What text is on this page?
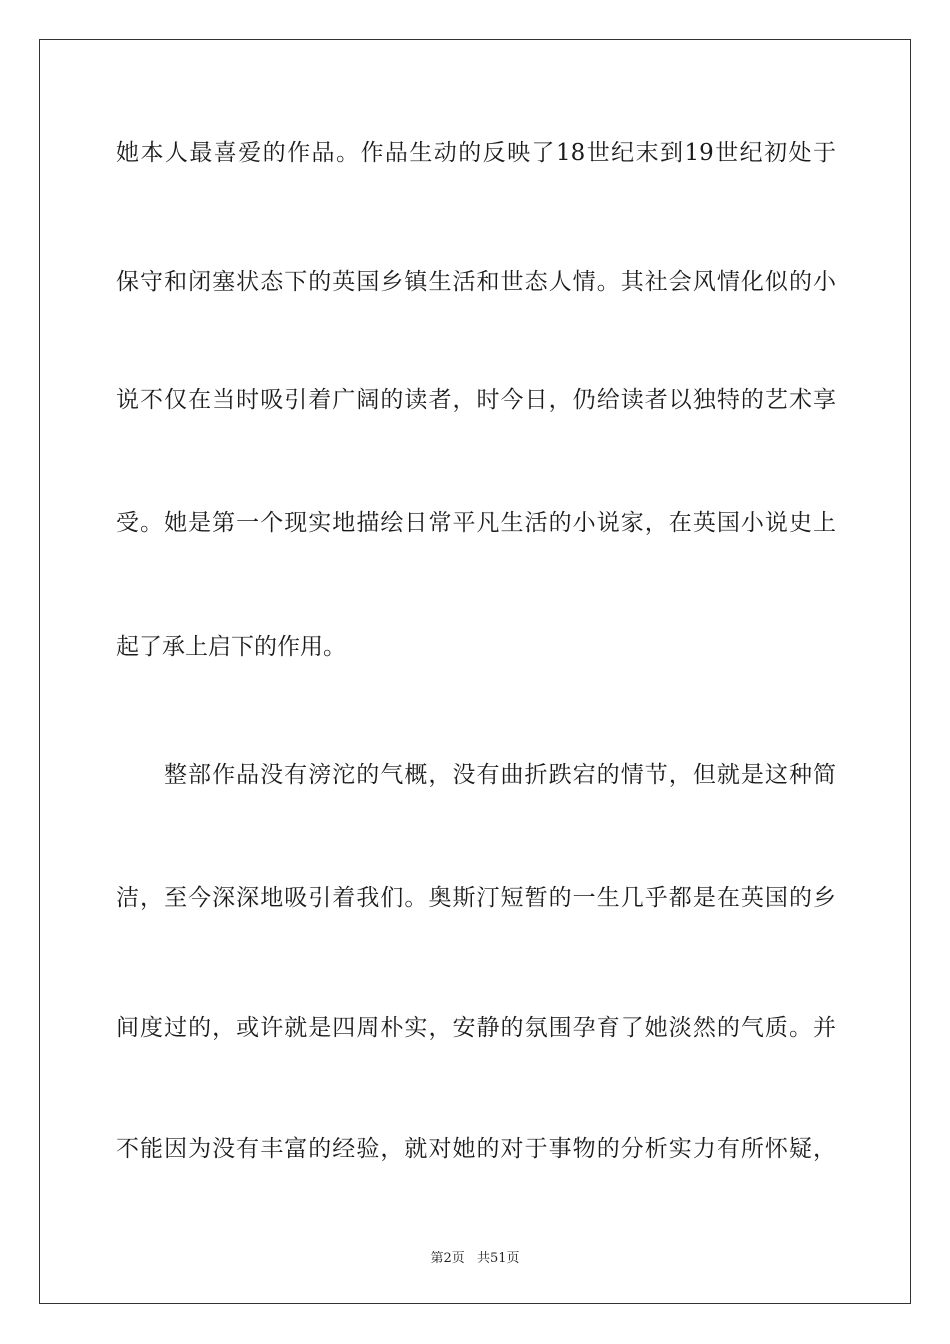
她本人最喜爱的作品。作品生动的反映了18世纪末到19世纪初处于
保守和闭塞状态下的英国乡镇生活和世态人情。其社会风情化似的小
说不仅在当时吸引着广阔的读者，时今日，仍给读者以独特的艺术享
受。她是第一个现实地描绘日常平凡生活的小说家，在英国小说史上
起了承上启下的作用。
整部作品没有滂沱的气概，没有曲折跌宕的情节，但就是这种简
洁，至今深深地吸引着我们。奥斯汀短暂的一生几乎都是在英国的乡
间度过的，或许就是四周朴实，安静的氛围孕育了她淡然的气质。并
不能因为没有丰富的经验，就对她的对于事物的分析实力有所怀疑，
第2页 共51页
